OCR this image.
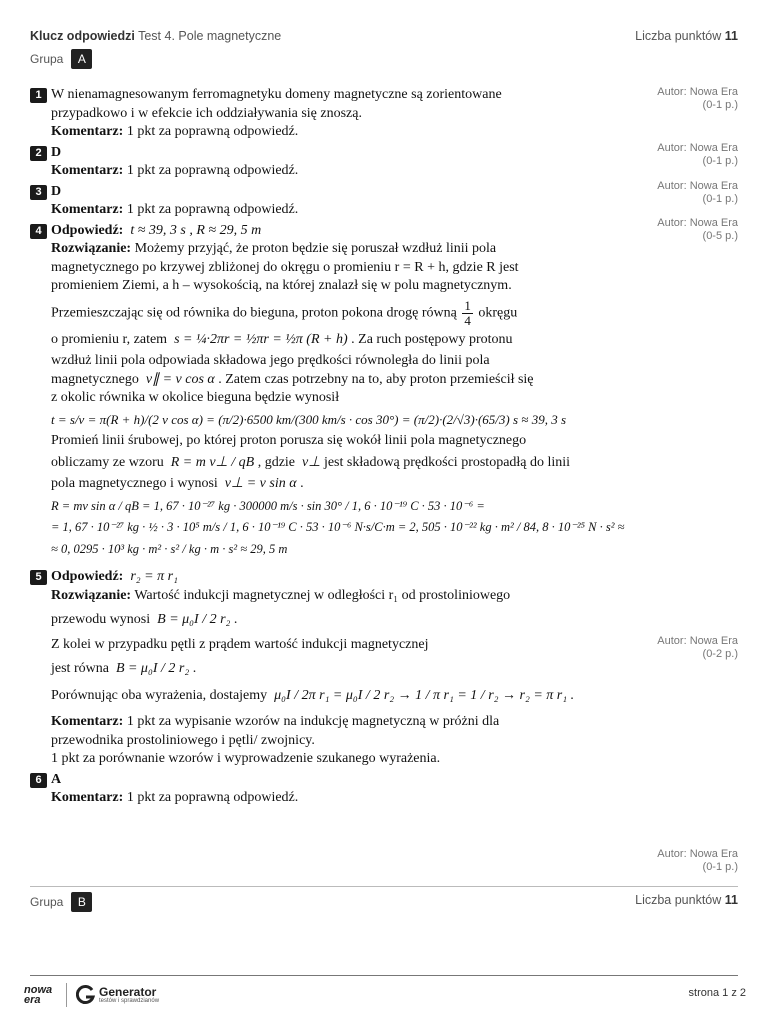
Klucz odpowiedzi Test 4. Pole magnetyczne	Liczba punktów 11
Grupa	A
Autor: Nowa Era
(0-1 p.)
Autor: Nowa Era
(0-1 p.)
Autor: Nowa Era
(0-1 p.)
Autor: Nowa Era
(0-5 p.)
Autor: Nowa Era
(0-2 p.)
Autor: Nowa Era
(0-1 p.)
1 W nienamagnesowanym ferromagnetyku domeny magnetyczne są zorientowane
przypadkowo i w efekcie ich oddziaływania się znoszą.
Komentarz: 1 pkt za poprawną odpowiedź.
2 D
Komentarz: 1 pkt za poprawną odpowiedź.
3 D
Komentarz: 1 pkt za poprawną odpowiedź.
4 Odpowiedź: t ≈ 39, 3 s , R ≈ 29, 5 m
Rozwiązanie: Możemy przyjąć, że proton będzie się poruszał wzdłuż linii pola
magnetycznego po krzywej zbliżonej do okręgu o promieniu r = R + h, gdzie R jest
promieniem Ziemi, a h – wysokością, na której znalazł się w polu magnetycznym.
Przemieszczając się od równika do bieguna, proton pokona drogę równą $\frac{1}{4}$ okręgu
o promieniu r, zatem s = ¼·2πr = ½πr = ½π (R + h) . Za ruch postępowy protonu
wzdłuż linii pola odpowiada składowa jego prędkości równoległa do linii pola
magnetycznego v∥ = v cos α . Zatem czas potrzebny na to, aby proton przemieścił się
z okolic równika w okolice bieguna będzie wynosił
t = s/v = π(R + h)/(2 v cos α) = (π/2)·6500 km/(300 km/s · cos 30°) = (π/2)·(2/√3)·(65/3) s ≈ 39, 3 s
Promień linii śrubowej, po której proton porusza się wokół linii pola magnetycznego
obliczamy ze wzoru R = m v⊥ / qB , gdzie v⊥ jest składową prędkości prostopadłą do linii
pola magnetycznego i wynosi v⊥ = v sin α .
R = mv sin α / qB = 1, 67 · 10⁻²⁷ kg · 300000 m/s · sin 30° / 1, 6 · 10⁻¹⁹ C · 53 · 10⁻⁶ =
= 1, 67 · 10⁻²⁷ kg · ½ · 3 · 10⁵ m/s / 1, 6 · 10⁻¹⁹ C · 53 · 10⁻⁶ N·s/C·m = 2, 505 · 10⁻²² kg · m² / 84, 8 · 10⁻²⁵ N · s² ≈
≈ 0, 0295 · 10³ kg · m² · s² / kg · m · s² ≈ 29, 5 m
5 Odpowiedź: r₂ = π r₁
Rozwiązanie: Wartość indukcji magnetycznej w odległości r₁ od prostoliniowego
przewodu wynosi B = μ₀I / 2 r₂ .
Z kolei w przypadku pętli z prądem wartość indukcji magnetycznej
jest równa B = μ₀I / 2 r₂ .
Porównując oba wyrażenia, dostajemy μ₀I / 2π r₁ = μ₀I / 2 r₂ → 1 / π r₁ = 1 / r₂ → r₂ = π r₁ .
Komentarz: 1 pkt za wypisanie wzorów na indukcję magnetyczną w próżni dla
przewodnika prostoliniowego i pętli/ zwojnicy.
1 pkt za porównanie wzorów i wyprowadzenie szukanego wyrażenia.
6 A
Komentarz: 1 pkt za poprawną odpowiedź.
Grupa	B	Liczba punktów 11
nowa
era
Generator
testów i sprawdzianów
strona 1 z 2
